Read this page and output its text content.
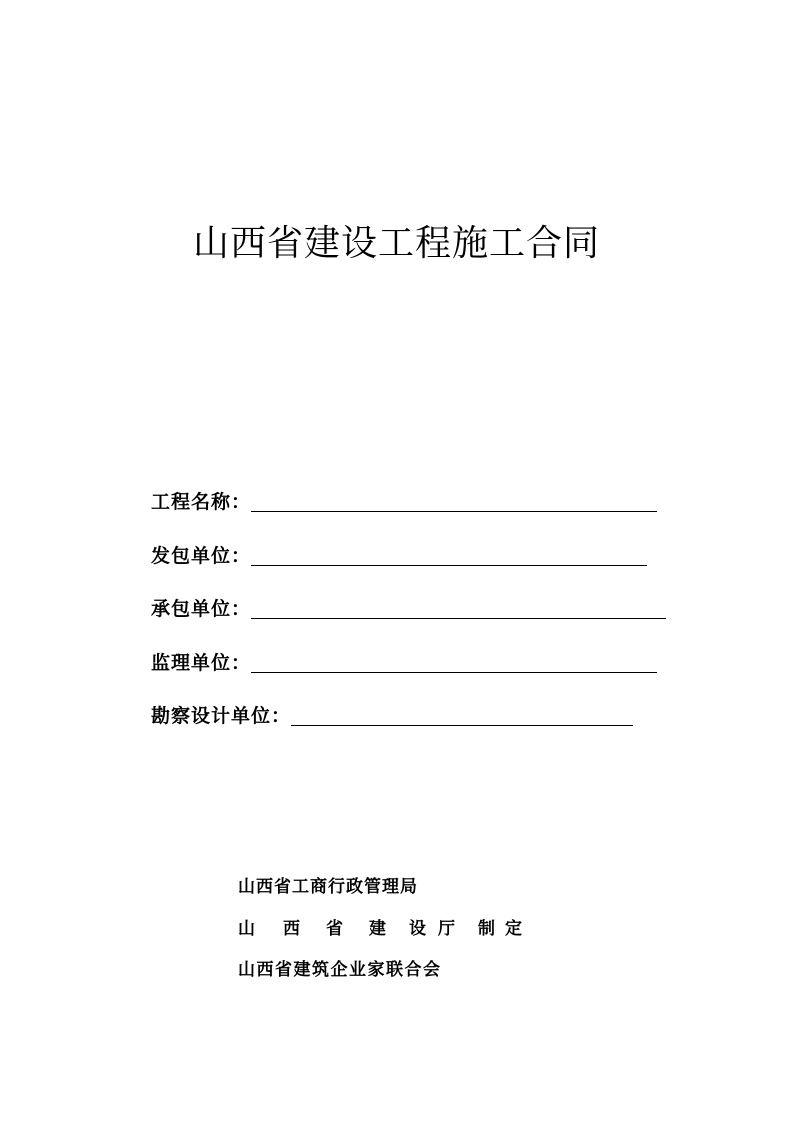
山西省建设工程施工合同
工程名称：
发包单位：
承包单位：
监理单位：
勘察设计单位：
山西省工商行政管理局
山 西 省 建 设 厅 制 定
山西省建筑企业家联合会
